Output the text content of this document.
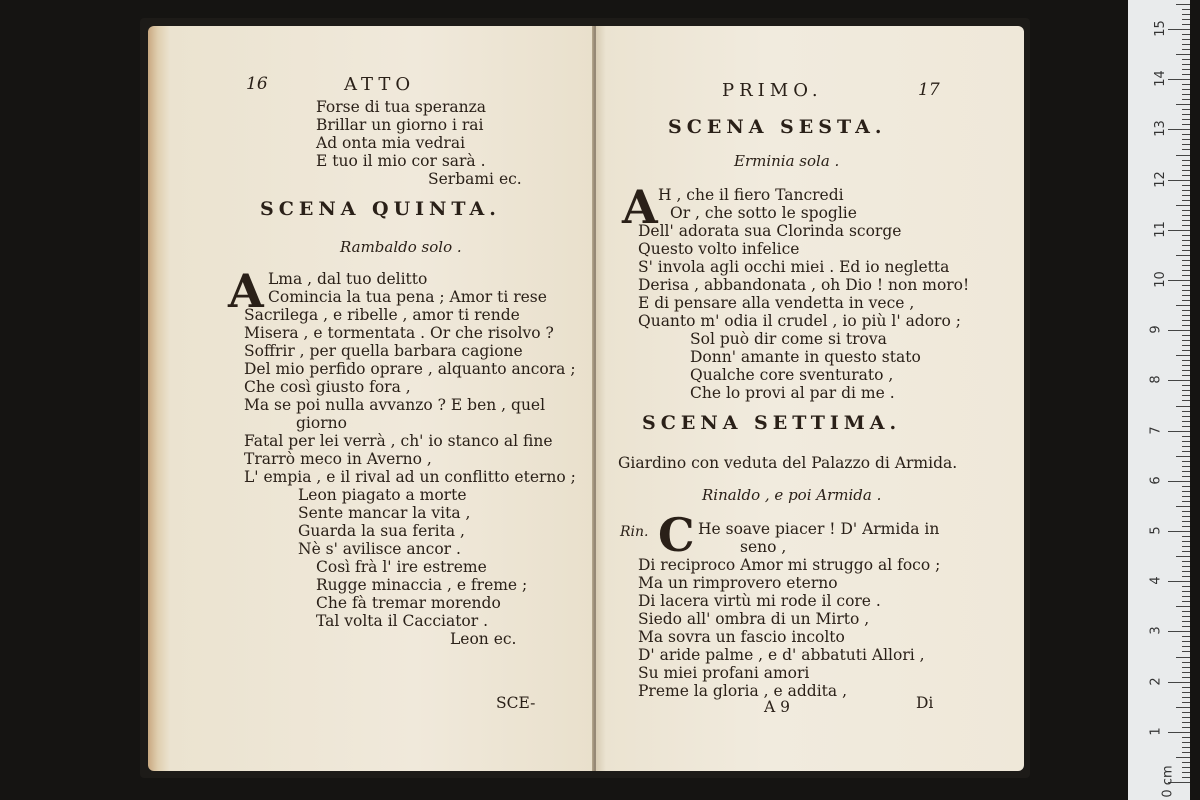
16	ATTO
Forse di tua speranza
Brillar un giorno i rai
Ad onta mia vedrai
E tuo il mio cor sarà .
Serbami ec.
SCENA QUINTA.
Rambaldo solo .
A Lma , dal tuo delitto
Comincia la tua pena ; Amor ti rese
Sacrilega , e ribelle , amor ti rende
Misera , e tormentata . Or che risolvo ?
Soffrir , per quella barbara cagione
Del mio perfido oprare , alquanto ancora ;
Che così giusto fora ,
Ma se poi nulla avvanzo ? E ben , quel
giorno
Fatal per lei verrà , ch' io stanco al fine
Trarrò meco in Averno ,
L' empia , e il rival ad un conflitto eterno ;
Leon piagato a morte
Sente mancar la vita ,
Guarda la sua ferita ,
Nè s' avilisce ancor .
Così frà l' ire estreme
Rugge minaccia , e freme ;
Che fà tremar morendo
Tal volta il Cacciator .
Leon ec.
SCE-
PRIMO.	17
SCENA SESTA.
Erminia sola .
A H , che il fiero Tancredi
Or , che sotto le spoglie
Dell' adorata sua Clorinda scorge
Questo volto infelice
S' invola agli occhi miei . Ed io negletta
Derisa , abbandonata , oh Dio ! non moro!
E di pensare alla vendetta in vece ,
Quanto m' odia il crudel , io più l' adoro ;
Sol può dir come si trova
Donn' amante in questo stato
Qualche core sventurato ,
Che lo provi al par di me .
SCENA SETTIMA.
Giardino con veduta del Palazzo di Armida.
Rinaldo , e poi Armida .
Rin. C He soave piacer ! D' Armida in
seno ,
Di reciproco Amor mi struggo al foco ;
Ma un rimprovero eterno
Di lacera virtù mi rode il core .
Siedo all' ombra di un Mirto ,
Ma sovra un fascio incolto
D' aride palme , e d' abbatuti Allori ,
Su miei profani amori
Preme la gloria , e addita ,
A 9	Di
0 cm
1
2
3
4
5
6
7
8
9
10
11
12
13
14
15
